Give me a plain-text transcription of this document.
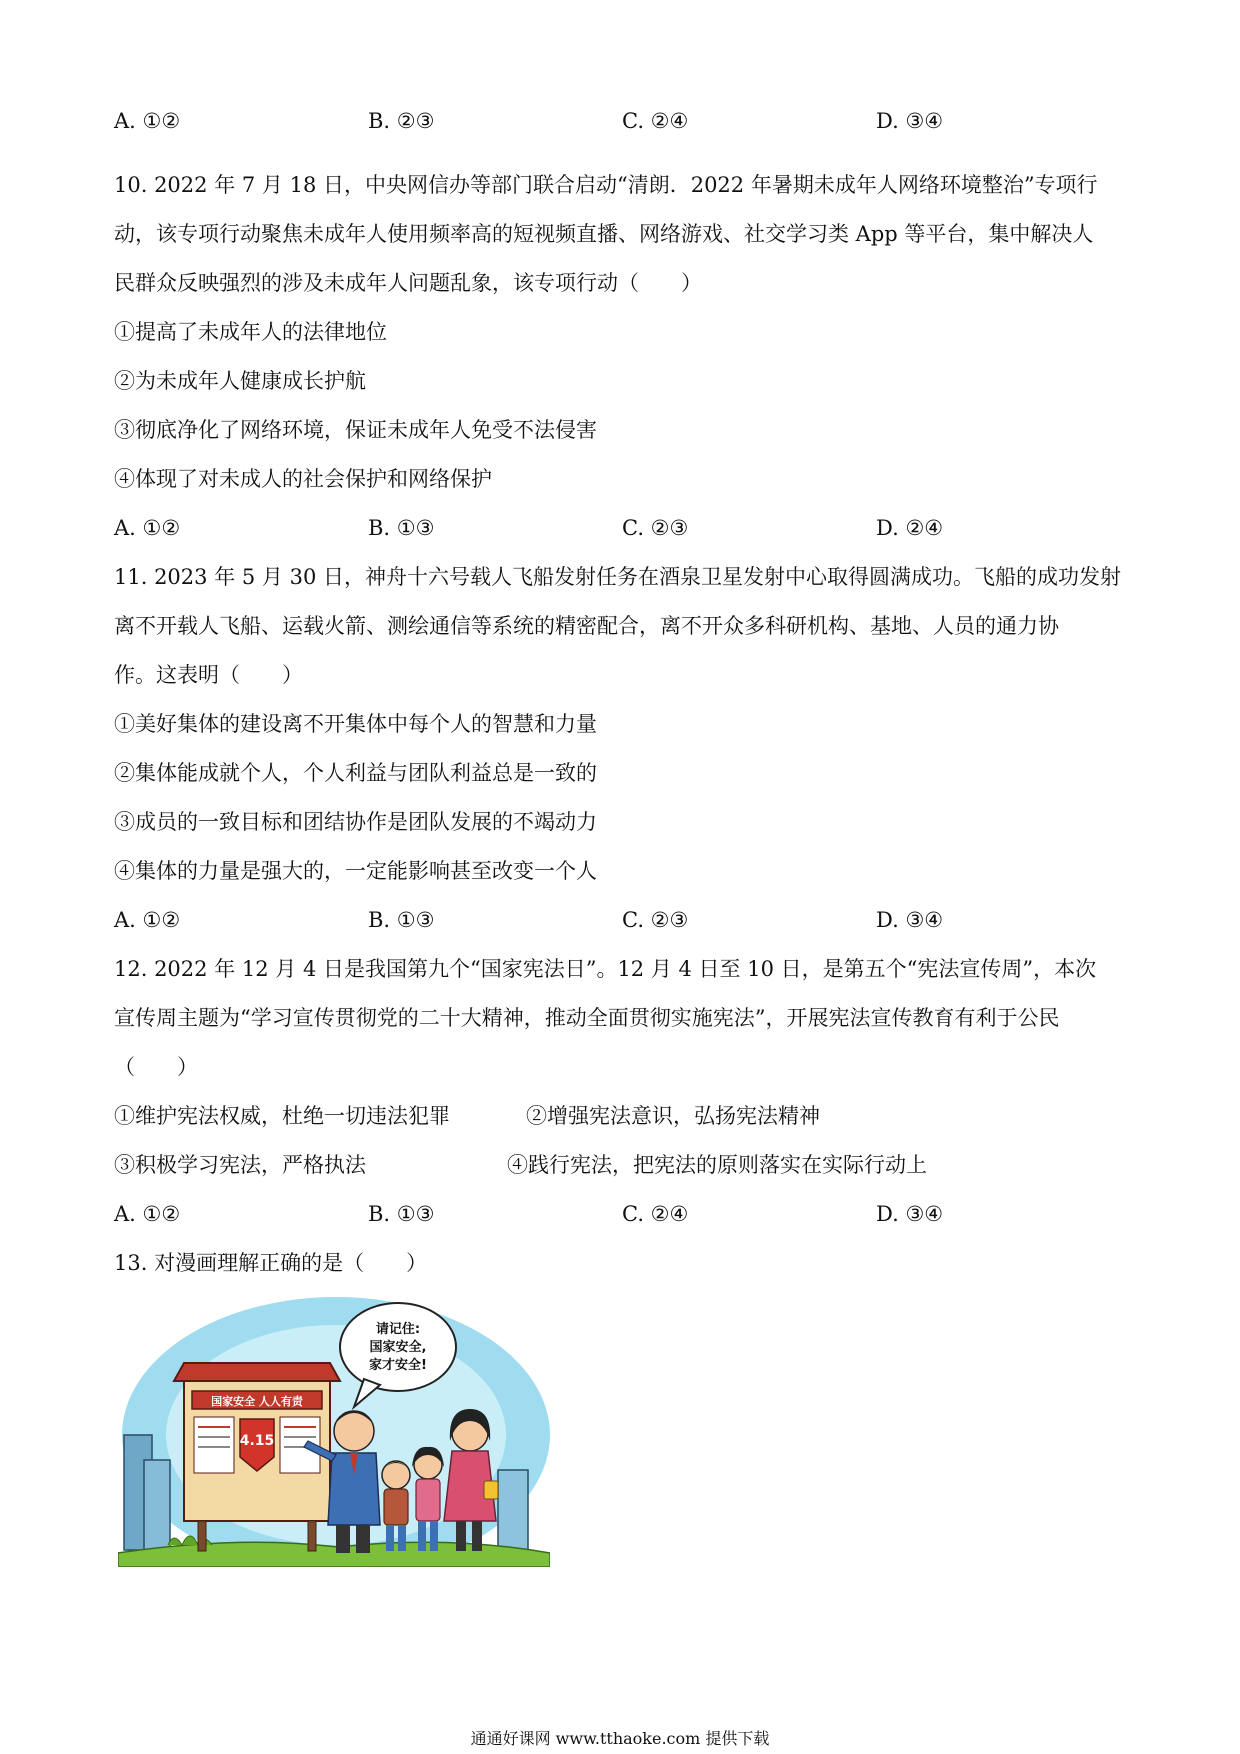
A. ①②	B. ②③	C. ②④	D. ③④
10. 2022 年 7 月 18 日，中央网信办等部门联合启动“清朗．2022 年暑期未成年人网络环境整治”专项行
动，该专项行动聚焦未成年人使用频率高的短视频直播、网络游戏、社交学习类 App 等平台，集中解决人
民群众反映强烈的涉及未成年人问题乱象，该专项行动（　　）
①提高了未成年人的法律地位
②为未成年人健康成长护航
③彻底净化了网络环境，保证未成年人免受不法侵害
④体现了对未成人的社会保护和网络保护
A. ①②	B. ①③	C. ②③	D. ②④
11. 2023 年 5 月 30 日，神舟十六号载人飞船发射任务在酒泉卫星发射中心取得圆满成功。飞船的成功发射
离不开载人飞船、运载火箭、测绘通信等系统的精密配合，离不开众多科研机构、基地、人员的通力协
作。这表明（　　）
①美好集体的建设离不开集体中每个人的智慧和力量
②集体能成就个人，个人利益与团队利益总是一致的
③成员的一致目标和团结协作是团队发展的不竭动力
④集体的力量是强大的，一定能影响甚至改变一个人
A. ①②	B. ①③	C. ②③	D. ③④
12. 2022 年 12 月 4 日是我国第九个“国家宪法日”。12 月 4 日至 10 日，是第五个“宪法宣传周”，本次
宣传周主题为“学习宣传贯彻党的二十大精神，推动全面贯彻实施宪法”，开展宪法宣传教育有利于公民
（　　）
①维护宪法权威，杜绝一切违法犯罪	②增强宪法意识，弘扬宪法精神
③积极学习宪法，严格执法	④践行宪法，把宪法的原则落实在实际行动上
A. ①②	B. ①③	C. ②④	D. ③④
13. 对漫画理解正确的是（　　）
国家安全 人人有责
4.15
请记住:
国家安全,
家才安全!
通通好课网 www.tthaoke.com 提供下载
